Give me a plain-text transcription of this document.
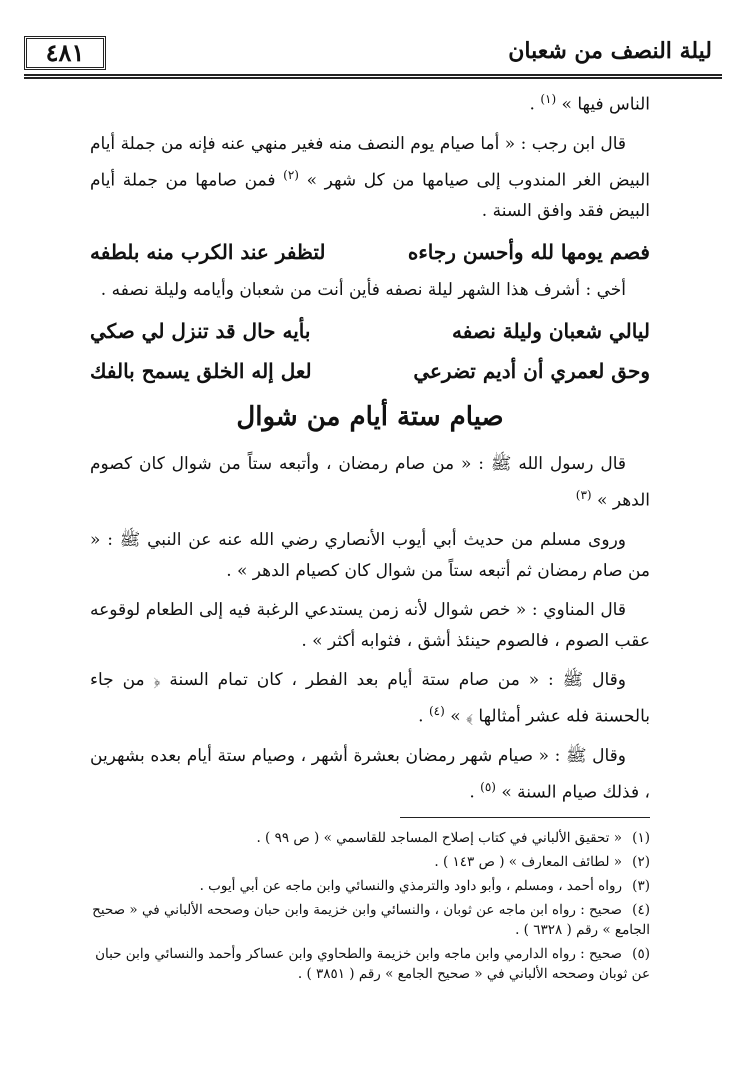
٤٨١	ليلة النصف من شعبان

الناس فيها » $^{(١)}$ .

قال ابن رجب : « أما صيام يوم النصف منه فغير منهي عنه فإنه من جملة أيام البيض الغر المندوب إلى صيامها من كل شهر » $^{(٢)}$ فمن صامها من جملة أيام البيض فقد وافق السنة .

فصم يومها لله وأحسن رجاءه
لتظفر عند الكرب منه بلطفه

أخي : أشرف هذا الشهر ليلة نصفه فأين أنت من شعبان وأيامه وليلة نصفه .

ليالي شعبان وليلة نصفه
بأيه حال قد تنزل لي صكي
وحق لعمري أن أديم تضرعي
لعل إله الخلق يسمح بالفك
صيام ستة أيام من شوال

قال رسول الله ﷺ : « من صام رمضان ، وأتبعه ستاً من شوال كان كصوم الدهر » $^{(٣)}$

وروى مسلم من حديث أبي أيوب الأنصاري رضي الله عنه عن النبي ﷺ : « من صام رمضان ثم أتبعه ستاً من شوال كان كصيام الدهر » .

قال المناوي : « خص شوال لأنه زمن يستدعي الرغبة فيه إلى الطعام لوقوعه عقب الصوم ، فالصوم حينئذ أشق ، فثوابه أكثر » .

وقال ﷺ : « من صام ستة أيام بعد الفطر ، كان تمام السنة ﴿ من جاء بالحسنة فله عشر أمثالها ﴾ » $^{(٤)}$ .

وقال ﷺ : « صيام شهر رمضان بعشرة أشهر ، وصيام ستة أيام بعده بشهرين ، فذلك صيام السنة » $^{(٥)}$ .

(١)« تحقيق الألباني في كتاب إصلاح المساجد للقاسمي » ( ص ٩٩ ) .

(٢)« لطائف المعارف » ( ص ١٤٣ ) .

(٣)رواه أحمد ، ومسلم ، وأبو داود والترمذي والنسائي وابن ماجه عن أبي أيوب .

(٤)صحيح : رواه ابن ماجه عن ثوبان ، والنسائي وابن خزيمة وابن حبان وصححه الألباني في « صحيح الجامع » رقم ( ٦٣٢٨ ) .

(٥)صحيح : رواه الدارمي وابن ماجه وابن خزيمة والطحاوي وابن عساكر وأحمد والنسائي وابن حبان عن ثوبان وصححه الألباني في « صحيح الجامع » رقم ( ٣٨٥١ ) .
